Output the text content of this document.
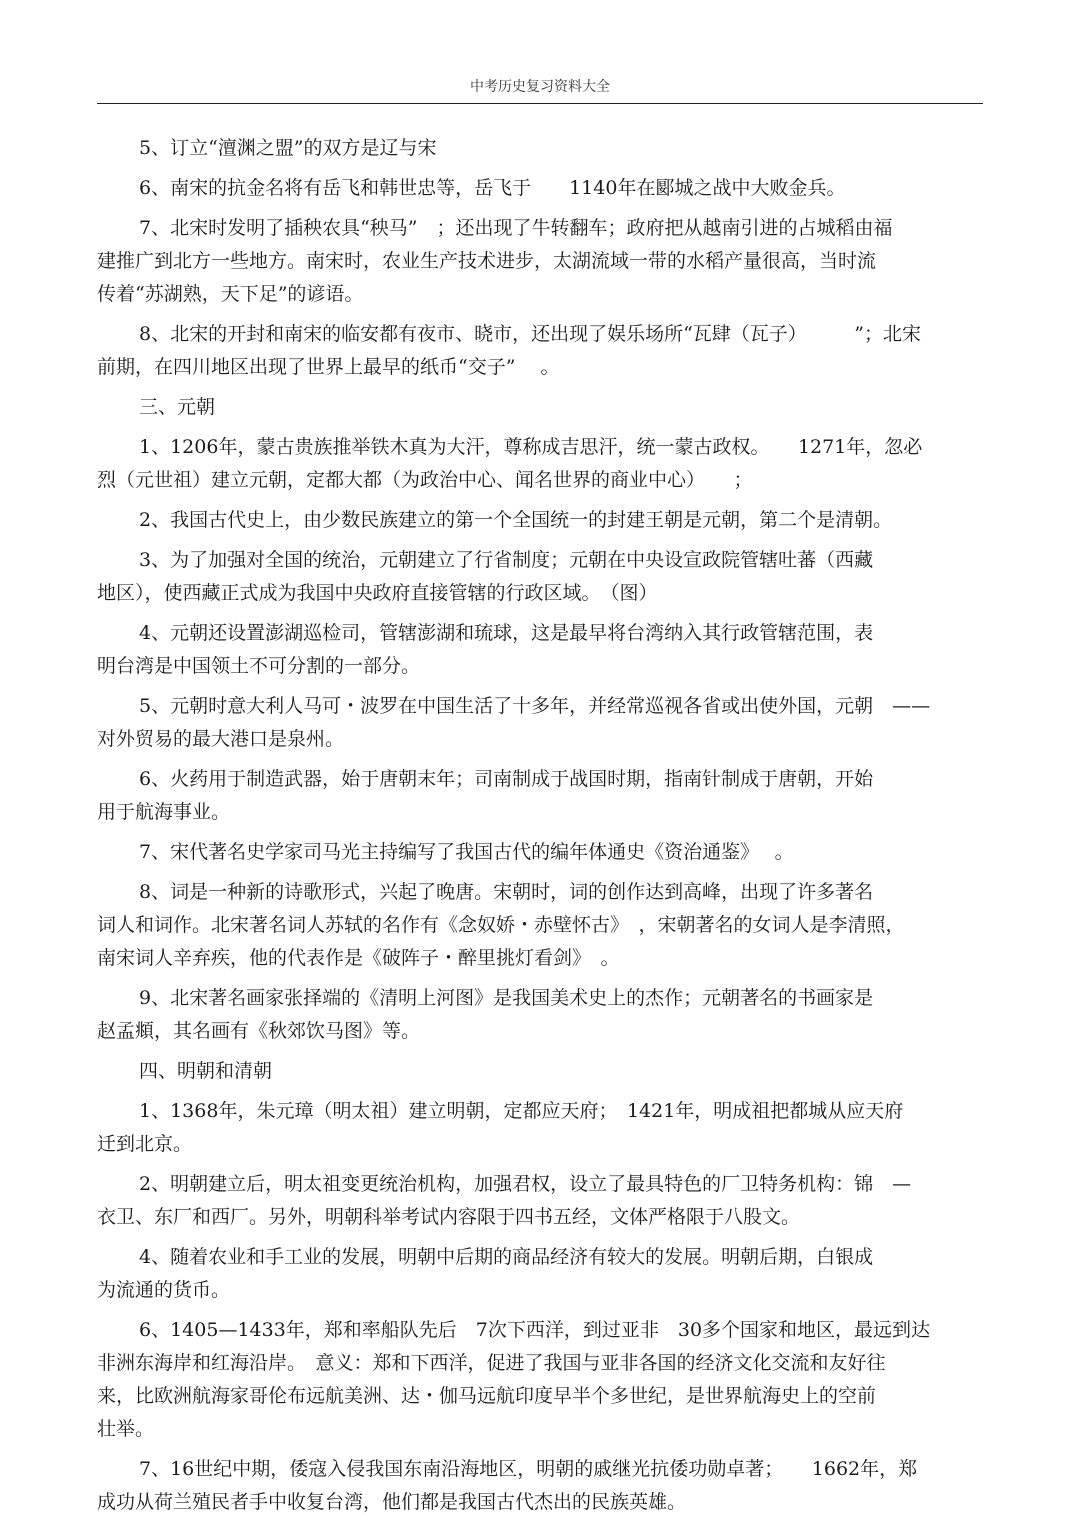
中考历史复习资料大全
5、订立“澶渊之盟”的双方是辽与宋
6、南宋的抗金名将有岳飞和韩世忠等，岳飞于　　1140年在郾城之战中大败金兵。
7、北宋时发明了插秧农具“秧马”　；还出现了牛转翻车；政府把从越南引进的占城稻由福
建推广到北方一些地方。南宋时，农业生产技术进步，太湖流域一带的水稻产量很高，当时流
传着“苏湖熟，天下足”的谚语。
8、北宋的开封和南宋的临安都有夜市、晓市，还出现了娱乐场所“瓦肆（瓦子）　　　”；北宋
前期，在四川地区出现了世界上最早的纸币“交子”　 。
三、元朝
1、1206年，蒙古贵族推举铁木真为大汗，尊称成吉思汗，统一蒙古政权。　　1271年，忽必
烈（元世祖）建立元朝，定都大都（为政治中心、闻名世界的商业中心）　　；
2、我国古代史上，由少数民族建立的第一个全国统一的封建王朝是元朝，第二个是清朝。　　
3、为了加强对全国的统治，元朝建立了行省制度；元朝在中央设宣政院管辖吐蕃（西藏
地区），使西藏正式成为我国中央政府直接管辖的行政区域。　（图）
4、元朝还设置澎湖巡检司，管辖澎湖和琉球，这是最早将台湾纳入其行政管辖范围，表
明台湾是中国领土不可分割的一部分。
5、元朝时意大利人马可・波罗在中国生活了十多年，并经常巡视各省或出使外国，元朝　——
对外贸易的最大港口是泉州。
6、火药用于制造武器，始于唐朝末年；司南制成于战国时期，指南针制成于唐朝，开始
用于航海事业。
7、宋代著名史学家司马光主持编写了我国古代的编年体通史《资治通鉴》　 。
8、词是一种新的诗歌形式，兴起了晚唐。宋朝时，词的创作达到高峰，出现了许多著名
词人和词作。北宋著名词人苏轼的名作有《念奴娇・赤壁怀古》　，宋朝著名的女词人是李清照，
南宋词人辛弃疾，他的代表作是《破阵子・醉里挑灯看剑》　。
9、北宋著名画家张择端的《清明上河图》是我国美术史上的杰作；元朝著名的书画家是
赵孟頫，其名画有《秋郊饮马图》等。
四、明朝和清朝
1、1368年，朱元璋（明太祖）建立明朝，定都应天府；　1421年，明成祖把都城从应天府
迁到北京。
2、明朝建立后，明太祖变更统治机构，加强君权，设立了最具特色的厂卫特务机构：锦　—
衣卫、东厂和西厂。另外，明朝科举考试内容限于四书五经，文体严格限于八股文。
4、随着农业和手工业的发展，明朝中后期的商品经济有较大的发展。明朝后期，白银成
为流通的货币。
6、1405—1433年，郑和率船队先后　7次下西洋，到过亚非　30多个国家和地区，最远到达
非洲东海岸和红海沿岸。　意义：郑和下西洋，促进了我国与亚非各国的经济文化交流和友好往
来，比欧洲航海家哥伦布远航美洲、达・伽马远航印度早半个多世纪，是世界航海史上的空前
壮举。
7、16世纪中期，倭寇入侵我国东南沿海地区，明朝的戚继光抗倭功勋卓著；　　1662年，郑
成功从荷兰殖民者手中收复台湾，他们都是我国古代杰出的民族英雄。
